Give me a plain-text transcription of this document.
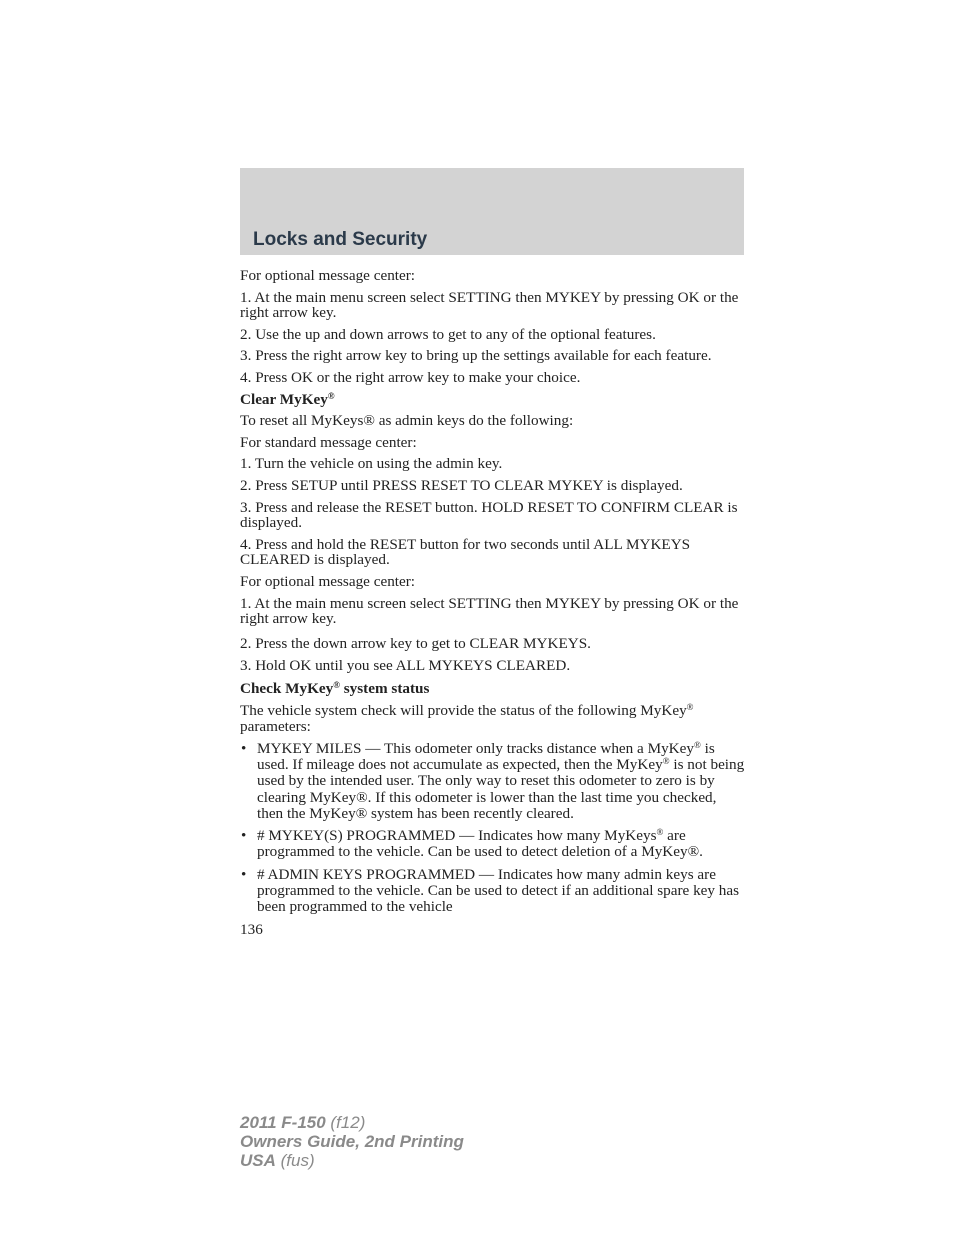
Locks and Security

For optional message center:

1. At the main menu screen select SETTING then MYKEY by pressing OK or the right arrow key.

2. Use the up and down arrows to get to any of the optional features.

3. Press the right arrow key to bring up the settings available for each feature.

4. Press OK or the right arrow key to make your choice.

Clear MyKey®

To reset all MyKeys® as admin keys do the following:

For standard message center:

1. Turn the vehicle on using the admin key.

2. Press SETUP until PRESS RESET TO CLEAR MYKEY is displayed.

3. Press and release the RESET button. HOLD RESET TO CONFIRM CLEAR is displayed.

4. Press and hold the RESET button for two seconds until ALL MYKEYS CLEARED is displayed.

For optional message center:

1. At the main menu screen select SETTING then MYKEY by pressing OK or the right arrow key.

2. Press the down arrow key to get to CLEAR MYKEYS.

3. Hold OK until you see ALL MYKEYS CLEARED.

Check MyKey® system status

The vehicle system check will provide the status of the following MyKey® parameters:

• MYKEY MILES — This odometer only tracks distance when a MyKey® is used. If mileage does not accumulate as expected, then the MyKey® is not being used by the intended user. The only way to reset this odometer to zero is by clearing MyKey®. If this odometer is lower than the last time you checked, then the MyKey® system has been recently cleared.
• # MYKEY(S) PROGRAMMED — Indicates how many MyKeys® are programmed to the vehicle. Can be used to detect deletion of a MyKey®.
• # ADMIN KEYS PROGRAMMED — Indicates how many admin keys are programmed to the vehicle. Can be used to detect if an additional spare key has been programmed to the vehicle

136

2011 F-150 (f12)
Owners Guide, 2nd Printing
USA (fus)
